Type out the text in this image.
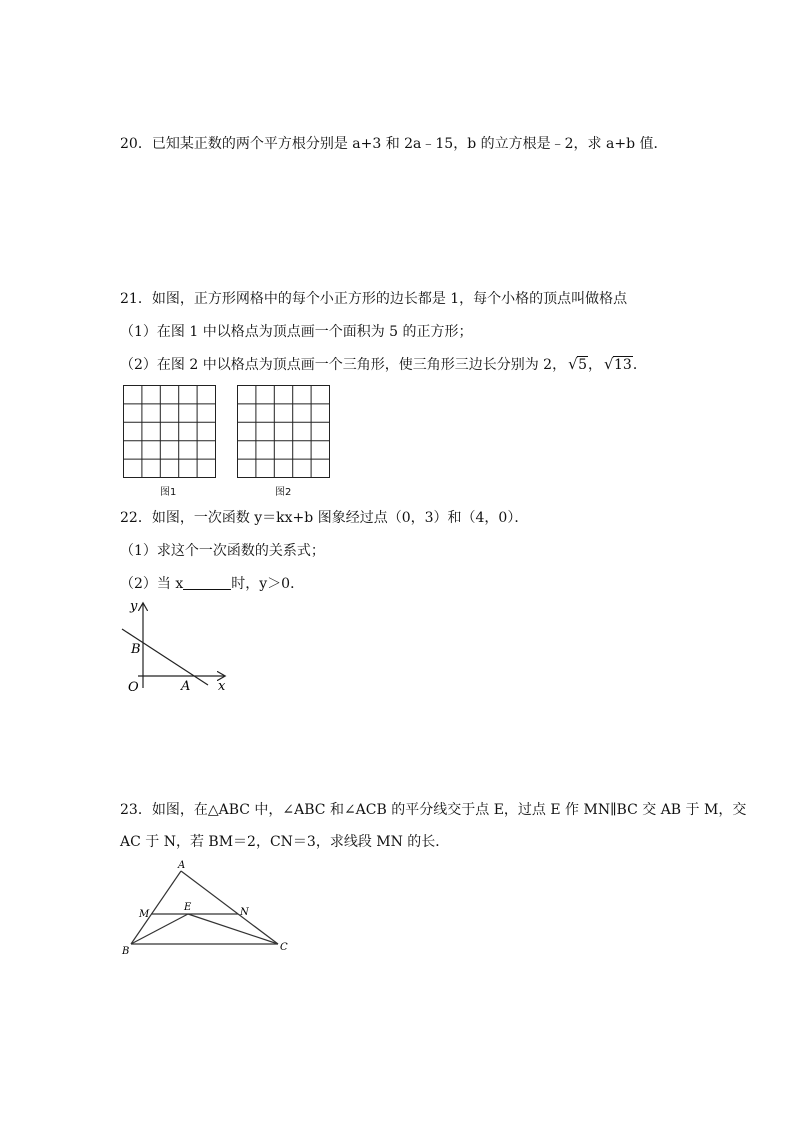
20．已知某正数的两个平方根分别是 a+3 和 2a﹣15，b 的立方根是﹣2，求 a+b 值．
21．如图，正方形网格中的每个小正方形的边长都是 1，每个小格的顶点叫做格点
（1）在图 1 中以格点为顶点画一个面积为 5 的正方形；
（2）在图 2 中以格点为顶点画一个三角形，使三角形三边长分别为 2， √ 5， √ 13．
图1	图2
22．如图，一次函数 y＝kx+b 图象经过点（0，3）和（4，0）．
（1）求这个一次函数的关系式；
（2）当 x	时，y＞0．
y
x
O	A
B
23．如图，在△ABC 中，∠ABC 和∠ACB 的平分线交于点 E，过点 E 作 MN∥BC 交 AB 于 M，交
AC 于 N，若 BM＝2，CN＝3，求线段 MN 的长．
A
B	C
M	N
E
